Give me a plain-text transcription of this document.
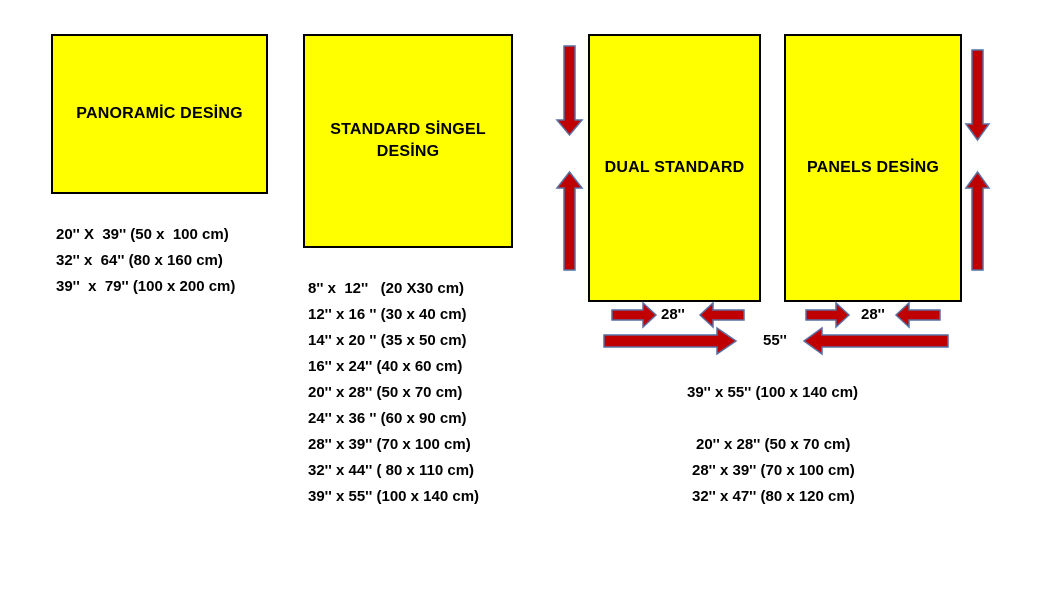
PANORAMİC DESİNG
20'' X  39'' (50 x  100 cm)
32'' x  64'' (80 x 160 cm)
39''  x  79'' (100 x 200 cm)
STANDARD SİNGEL
DESİNG
8'' x  12''   (20 X30 cm)
12'' x 16 '' (30 x 40 cm)
14'' x 20 '' (35 x 50 cm)
16'' x 24'' (40 x 60 cm)
20'' x 28'' (50 x 70 cm)
24'' x 36 '' (60 x 90 cm)
28'' x 39'' (70 x 100 cm)
32'' x 44'' ( 80 x 110 cm)
39'' x 55'' (100 x 140 cm)
DUAL STANDARD	PANELS DESİNG
28''	28''
55''
39'' x 55'' (100 x 140 cm)
20'' x 28'' (50 x 70 cm)
28'' x 39'' (70 x 100 cm)
32'' x 47'' (80 x 120 cm)
